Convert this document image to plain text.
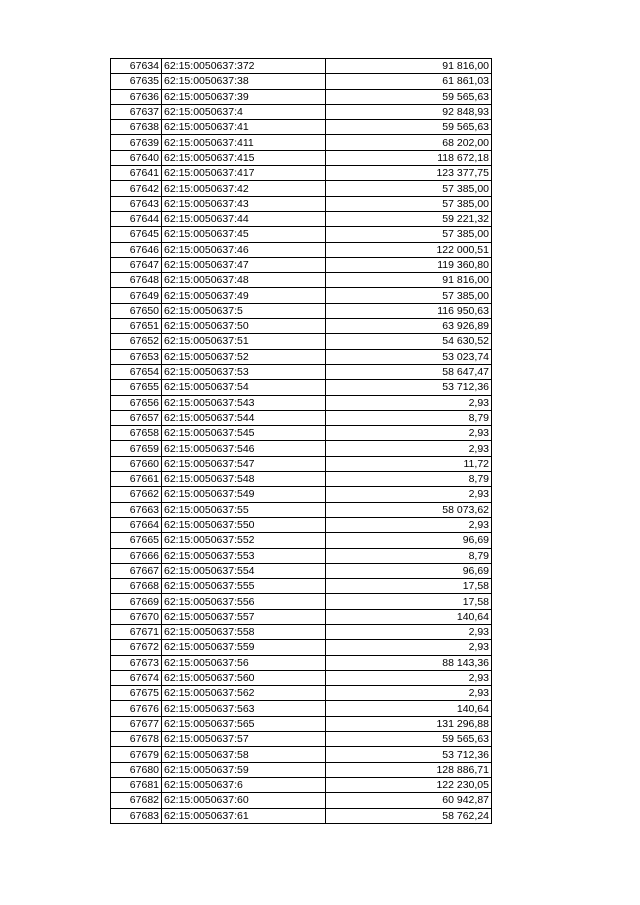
67634	62:15:0050637:372	91 816,00
67635	62:15:0050637:38	61 861,03
67636	62:15:0050637:39	59 565,63
67637	62:15:0050637:4	92 848,93
67638	62:15:0050637:41	59 565,63
67639	62:15:0050637:411	68 202,00
67640	62:15:0050637:415	118 672,18
67641	62:15:0050637:417	123 377,75
67642	62:15:0050637:42	57 385,00
67643	62:15:0050637:43	57 385,00
67644	62:15:0050637:44	59 221,32
67645	62:15:0050637:45	57 385,00
67646	62:15:0050637:46	122 000,51
67647	62:15:0050637:47	119 360,80
67648	62:15:0050637:48	91 816,00
67649	62:15:0050637:49	57 385,00
67650	62:15:0050637:5	116 950,63
67651	62:15:0050637:50	63 926,89
67652	62:15:0050637:51	54 630,52
67653	62:15:0050637:52	53 023,74
67654	62:15:0050637:53	58 647,47
67655	62:15:0050637:54	53 712,36
67656	62:15:0050637:543	2,93
67657	62:15:0050637:544	8,79
67658	62:15:0050637:545	2,93
67659	62:15:0050637:546	2,93
67660	62:15:0050637:547	11,72
67661	62:15:0050637:548	8,79
67662	62:15:0050637:549	2,93
67663	62:15:0050637:55	58 073,62
67664	62:15:0050637:550	2,93
67665	62:15:0050637:552	96,69
67666	62:15:0050637:553	8,79
67667	62:15:0050637:554	96,69
67668	62:15:0050637:555	17,58
67669	62:15:0050637:556	17,58
67670	62:15:0050637:557	140,64
67671	62:15:0050637:558	2,93
67672	62:15:0050637:559	2,93
67673	62:15:0050637:56	88 143,36
67674	62:15:0050637:560	2,93
67675	62:15:0050637:562	2,93
67676	62:15:0050637:563	140,64
67677	62:15:0050637:565	131 296,88
67678	62:15:0050637:57	59 565,63
67679	62:15:0050637:58	53 712,36
67680	62:15:0050637:59	128 886,71
67681	62:15:0050637:6	122 230,05
67682	62:15:0050637:60	60 942,87
67683	62:15:0050637:61	58 762,24
